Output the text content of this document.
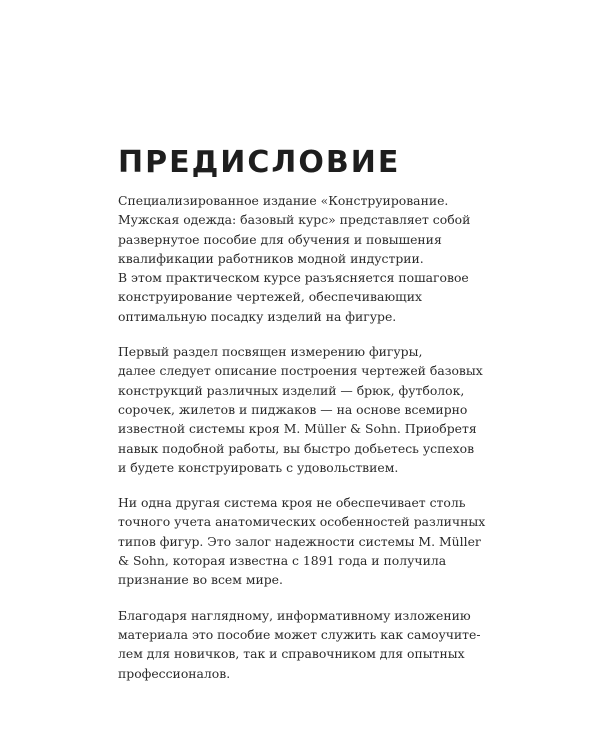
ПРЕДИСЛОВИЕ

Специализированное издание «Конструирование.
Мужская одежда: базовый курс» представляет собой
развернутое пособие для обучения и повышения
квалификации работников модной индустрии.
В этом практическом курсе разъясняется пошаговое
конструирование чертежей, обеспечивающих
оптимальную посадку изделий на фигуре.

Первый раздел посвящен измерению фигуры,
далее следует описание построения чертежей базовых
конструкций различных изделий — брюк, футболок,
сорочек, жилетов и пиджаков — на основе всемирно
известной системы кроя M. Müller & Sohn. Приобретя
навык подобной работы, вы быстро добьетесь успехов
и будете конструировать с удовольствием.

Ни одна другая система кроя не обеспечивает столь
точного учета анатомических особенностей различных
типов фигур. Это залог надежности системы M. Müller
& Sohn, которая известна с 1891 года и получила
признание во всем мире.

Благодаря наглядному, информативному изложению
материала это пособие может служить как самоучите-
лем для новичков, так и справочником для опытных
профессионалов.
